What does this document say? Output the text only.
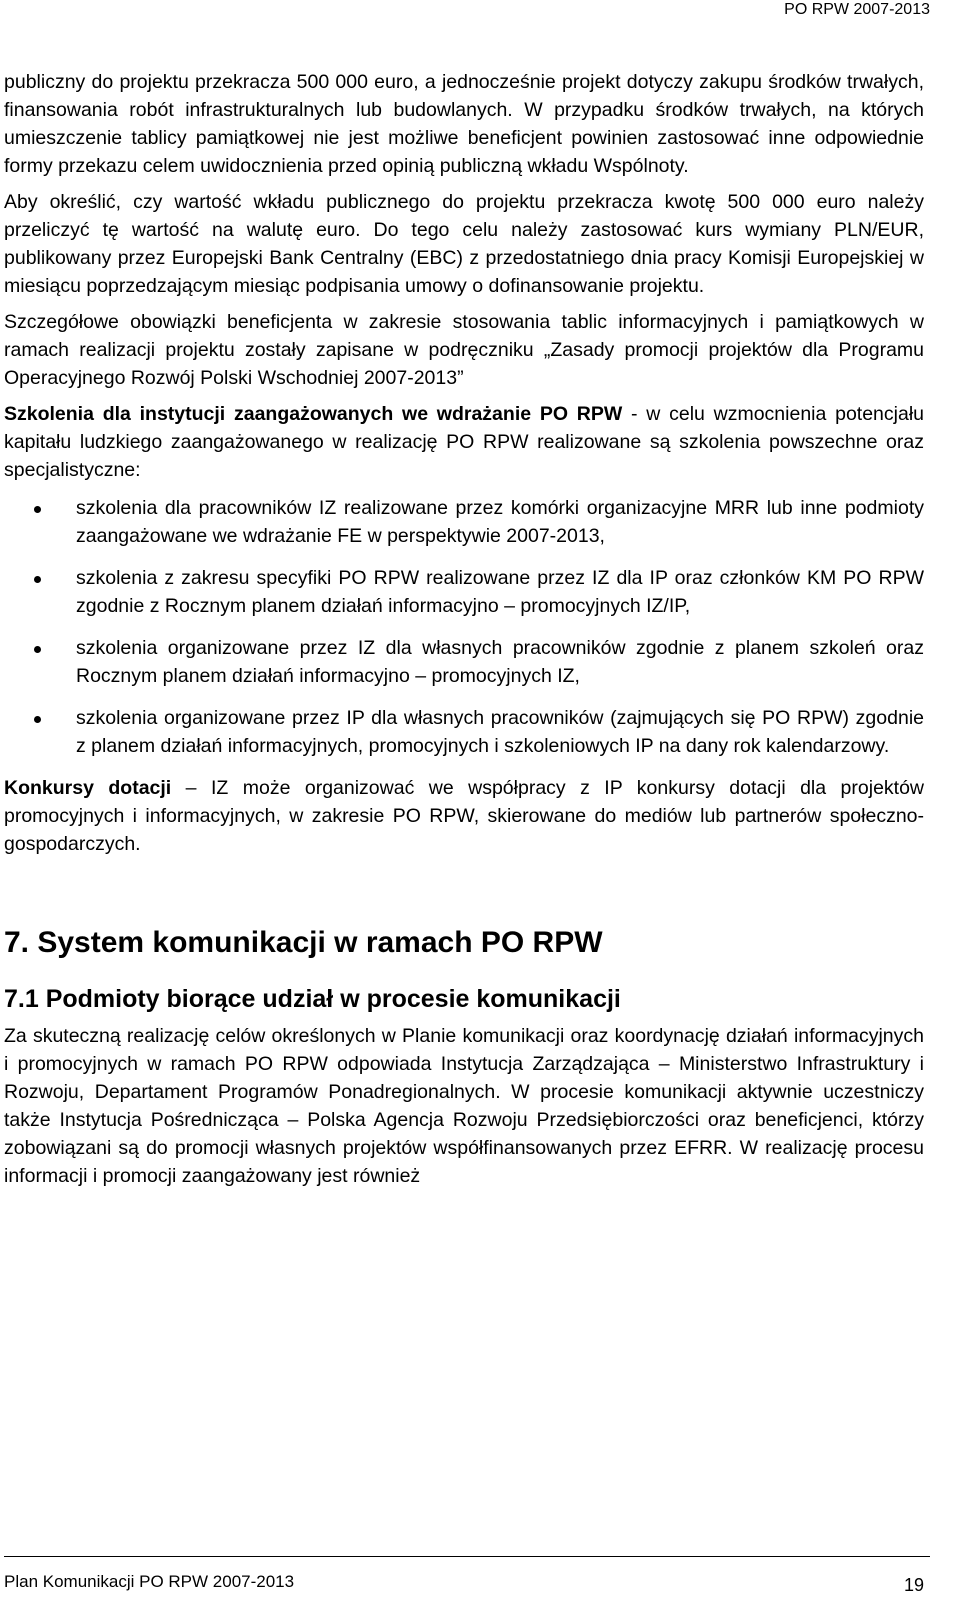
PO RPW 2007-2013

publiczny do projektu przekracza 500 000 euro, a jednocześnie projekt dotyczy zakupu środków trwałych, finansowania robót infrastrukturalnych lub budowlanych. W przypadku środków trwałych, na których umieszczenie tablicy pamiątkowej nie jest możliwe beneficjent powinien zastosować inne odpowiednie formy przekazu celem uwidocznienia przed opinią publiczną wkładu Wspólnoty.

Aby określić, czy wartość wkładu publicznego do projektu przekracza kwotę 500 000 euro należy przeliczyć tę wartość na walutę euro. Do tego celu należy zastosować kurs wymiany PLN/EUR, publikowany przez Europejski Bank Centralny (EBC) z przedostatniego dnia pracy Komisji Europejskiej w miesiącu poprzedzającym miesiąc podpisania umowy o dofinansowanie projektu.

Szczegółowe obowiązki beneficjenta w zakresie stosowania tablic informacyjnych i pamiątkowych w ramach realizacji projektu zostały zapisane w podręczniku „Zasady promocji projektów dla Programu Operacyjnego Rozwój Polski Wschodniej 2007-2013”

Szkolenia dla instytucji zaangażowanych we wdrażanie PO RPW - w celu wzmocnienia potencjału kapitału ludzkiego zaangażowanego w realizację PO RPW realizowane są szkolenia powszechne oraz specjalistyczne:

szkolenia dla pracowników IZ realizowane przez komórki organizacyjne MRR lub inne podmioty zaangażowane we wdrażanie FE w perspektywie 2007-2013,
szkolenia z zakresu specyfiki PO RPW realizowane przez IZ dla IP oraz członków KM PO RPW zgodnie z Rocznym planem działań informacyjno – promocyjnych IZ/IP,
szkolenia organizowane przez IZ dla własnych pracowników zgodnie z planem szkoleń oraz Rocznym planem działań informacyjno – promocyjnych IZ,
szkolenia organizowane przez IP dla własnych pracowników (zajmujących się PO RPW) zgodnie z planem działań informacyjnych, promocyjnych i szkoleniowych IP na dany rok kalendarzowy.

Konkursy dotacji – IZ może organizować we współpracy z IP konkursy dotacji dla projektów promocyjnych i informacyjnych, w zakresie PO RPW, skierowane do mediów lub partnerów społeczno-gospodarczych.

7. System komunikacji w ramach PO RPW
7.1 Podmioty biorące udział w procesie komunikacji

Za skuteczną realizację celów określonych w Planie komunikacji oraz koordynację działań informacyjnych i promocyjnych w ramach PO RPW odpowiada Instytucja Zarządzająca – Ministerstwo Infrastruktury i Rozwoju, Departament Programów Ponadregionalnych. W procesie komunikacji aktywnie uczestniczy także Instytucja Pośrednicząca – Polska Agencja Rozwoju Przedsiębiorczości oraz beneficjenci, którzy zobowiązani są do promocji własnych projektów współfinansowanych przez EFRR. W realizację procesu informacji i promocji zaangażowany jest również

Plan Komunikacji PO RPW 2007-2013	19
